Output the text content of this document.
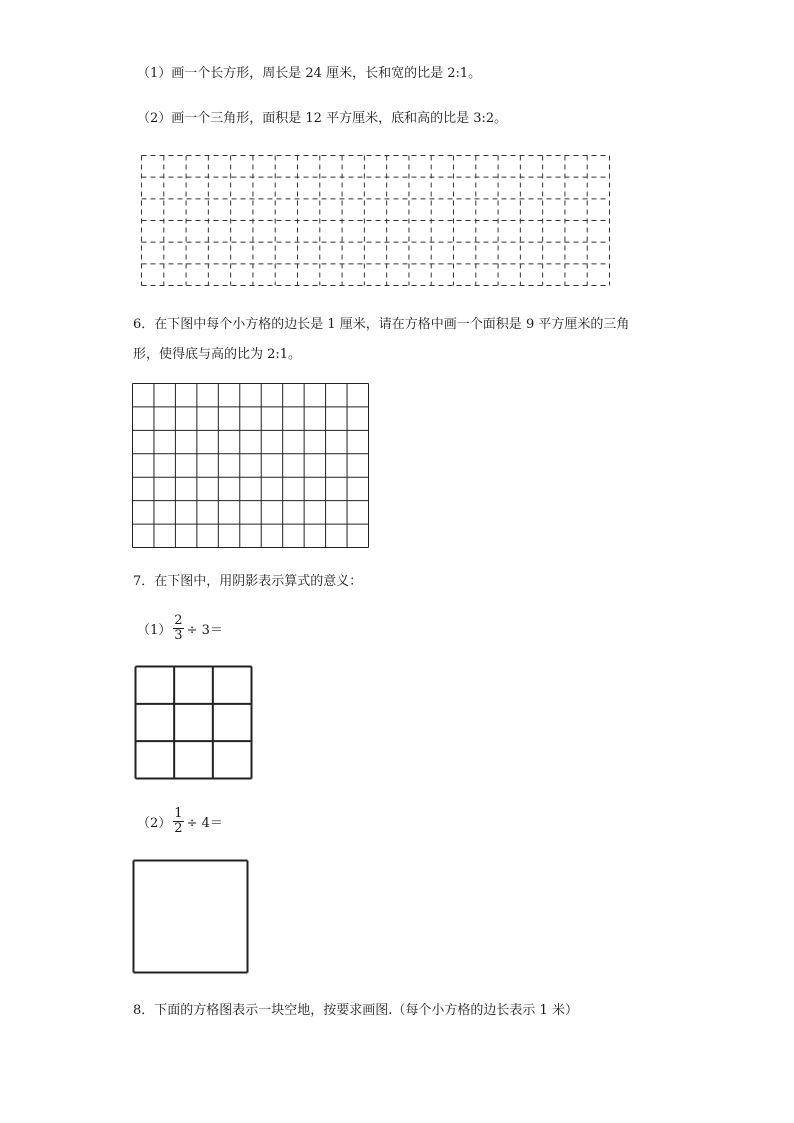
（1）画一个长方形，周长是 24 厘米，长和宽的比是 2:1。
（2）画一个三角形，面积是 12 平方厘米，底和高的比是 3:2。
6．在下图中每个小方格的边长是 1 厘米，请在方格中画一个面积是 9 平方厘米的三角
形，使得底与高的比为 2:1。
7．在下图中，用阴影表示算式的意义：
$(1) \frac{2}{3} \div 3=$
$(2) \frac{1}{2} \div 4=$
8．下面的方格图表示一块空地，按要求画图.（每个小方格的边长表示 1 米）
